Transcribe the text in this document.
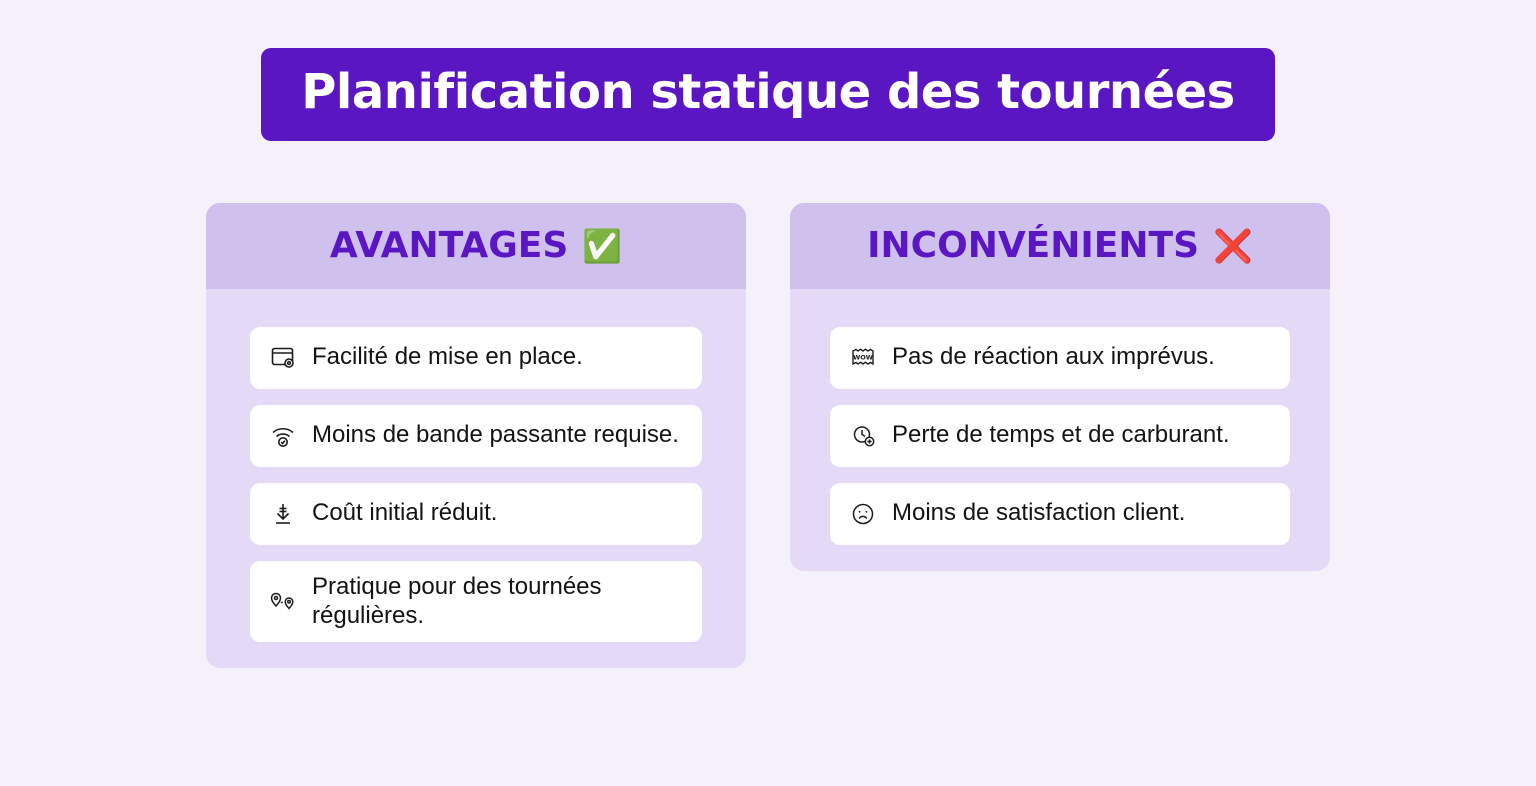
Planification statique des tournées
AVANTAGES ✅
Facilité de mise en place.
Moins de bande passante requise.
Coût initial réduit.
Pratique pour des tournées régulières.
INCONVÉNIENTS ❌
WOW Pas de réaction aux imprévus.
Perte de temps et de carburant.
Moins de satisfaction client.
